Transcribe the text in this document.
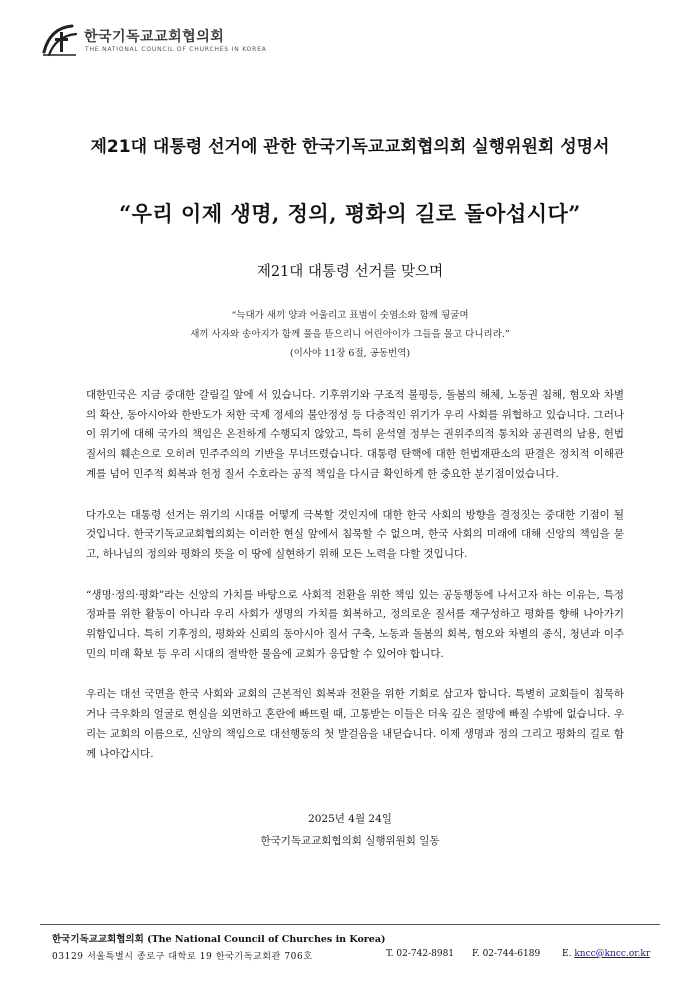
한국기독교교회협의회
THE NATIONAL COUNCIL OF CHURCHES IN KOREA
제21대 대통령 선거에 관한 한국기독교교회협의회 실행위원회 성명서
“우리 이제 생명, 정의, 평화의 길로 돌아섭시다”
제21대 대통령 선거를 맞으며
“늑대가 새끼 양과 어울리고 표범이 숫염소와 함께 뒹굴며
새끼 사자와 송아지가 함께 풀을 뜯으리니 어린아이가 그들을 몰고 다니리라.”
(이사야 11장 6절, 공동번역)

대한민국은 지금 중대한 갈림길 앞에 서 있습니다. 기후위기와 구조적 불평등, 돌봄의 해체, 노동권 침해, 혐오와 차별의 확산, 동아시아와 한반도가 처한 국제 정세의 불안정성 등 다층적인 위기가 우리 사회를 위협하고 있습니다. 그러나 이 위기에 대해 국가의 책임은 온전하게 수행되지 않았고, 특히 윤석열 정부는 권위주의적 통치와 공권력의 남용, 헌법 질서의 훼손으로 오히려 민주주의의 기반을 무너뜨렸습니다. 대통령 탄핵에 대한 헌법재판소의 판결은 정치적 이해관계를 넘어 민주적 회복과 헌정 질서 수호라는 공적 책임을 다시금 확인하게 한 중요한 분기점이었습니다.

다가오는 대통령 선거는 위기의 시대를 어떻게 극복할 것인지에 대한 한국 사회의 방향을 결정짓는 중대한 기점이 될 것입니다. 한국기독교교회협의회는 이러한 현실 앞에서 침묵할 수 없으며, 한국 사회의 미래에 대해 신앙의 책임을 묻고, 하나님의 정의와 평화의 뜻을 이 땅에 실현하기 위해 모든 노력을 다할 것입니다.

“생명·정의·평화”라는 신앙의 가치를 바탕으로 사회적 전환을 위한 책임 있는 공동행동에 나서고자 하는 이유는, 특정 정파를 위한 활동이 아니라 우리 사회가 생명의 가치를 회복하고, 정의로운 질서를 재구성하고 평화를 향해 나아가기 위함입니다. 특히 기후정의, 평화와 신뢰의 동아시아 질서 구축, 노동과 돌봄의 회복, 혐오와 차별의 종식, 청년과 이주민의 미래 확보 등 우리 시대의 절박한 물음에 교회가 응답할 수 있어야 합니다.

우리는 대선 국면을 한국 사회와 교회의 근본적인 회복과 전환을 위한 기회로 삼고자 합니다. 특별히 교회들이 침묵하거나 극우화의 얼굴로 현실을 외면하고 혼란에 빠뜨릴 때, 고통받는 이들은 더욱 깊은 절망에 빠질 수밖에 없습니다. 우리는 교회의 이름으로, 신앙의 책임으로 대선행동의 첫 발걸음을 내딛습니다. 이제 생명과 정의 그리고 평화의 길로 함께 나아갑시다.

2025년 4월 24일
한국기독교교회협의회 실행위원회 일동
한국기독교교회협의회 (The National Council of Churches in Korea)
03129 서울특별시 종로구 대학로 19 한국기독교회관 706호	T. 02-742-8981 F. 02-744-6189 E. kncc@kncc.or.kr
